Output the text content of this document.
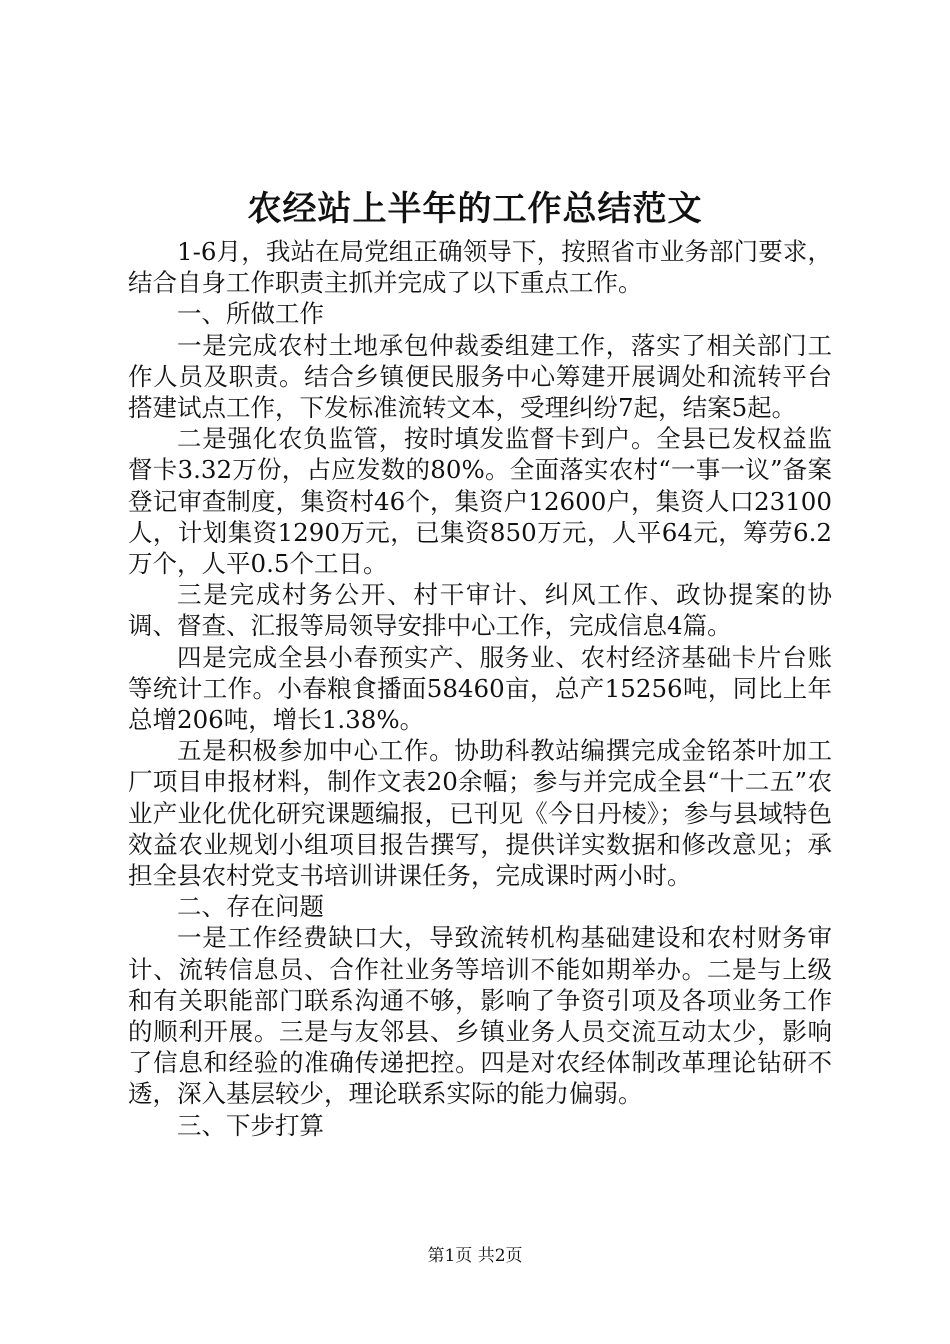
农经站上半年的工作总结范文

1-6月，我站在局党组正确领导下，按照省市业务部门要求，结合自身工作职责主抓并完成了以下重点工作。

一、所做工作

一是完成农村土地承包仲裁委组建工作，落实了相关部门工作人员及职责。结合乡镇便民服务中心筹建开展调处和流转平台搭建试点工作，下发标准流转文本，受理纠纷7起，结案5起。

二是强化农负监管，按时填发监督卡到户。全县已发权益监督卡3.32万份，占应发数的80%。全面落实农村“一事一议”备案登记审查制度，集资村46个，集资户12600户，集资人口23100人，计划集资1290万元，已集资850万元，人平64元，筹劳6.2万个，人平0.5个工日。

三是完成村务公开、村干审计、纠风工作、政协提案的协调、督查、汇报等局领导安排中心工作，完成信息4篇。

四是完成全县小春预实产、服务业、农村经济基础卡片台账等统计工作。小春粮食播面58460亩，总产15256吨，同比上年总增206吨，增长1.38%。

五是积极参加中心工作。协助科教站编撰完成金铭茶叶加工厂项目申报材料，制作文表20余幅；参与并完成全县“十二五”农业产业化优化研究课题编报，已刊见《今日丹棱》；参与县域特色效益农业规划小组项目报告撰写，提供详实数据和修改意见；承担全县农村党支书培训讲课任务，完成课时两小时。

二、存在问题

一是工作经费缺口大，导致流转机构基础建设和农村财务审计、流转信息员、合作社业务等培训不能如期举办。二是与上级和有关职能部门联系沟通不够，影响了争资引项及各项业务工作的顺利开展。三是与友邻县、乡镇业务人员交流互动太少，影响了信息和经验的准确传递把控。四是对农经体制改革理论钻研不透，深入基层较少，理论联系实际的能力偏弱。

三、下步打算

第1页 共2页
